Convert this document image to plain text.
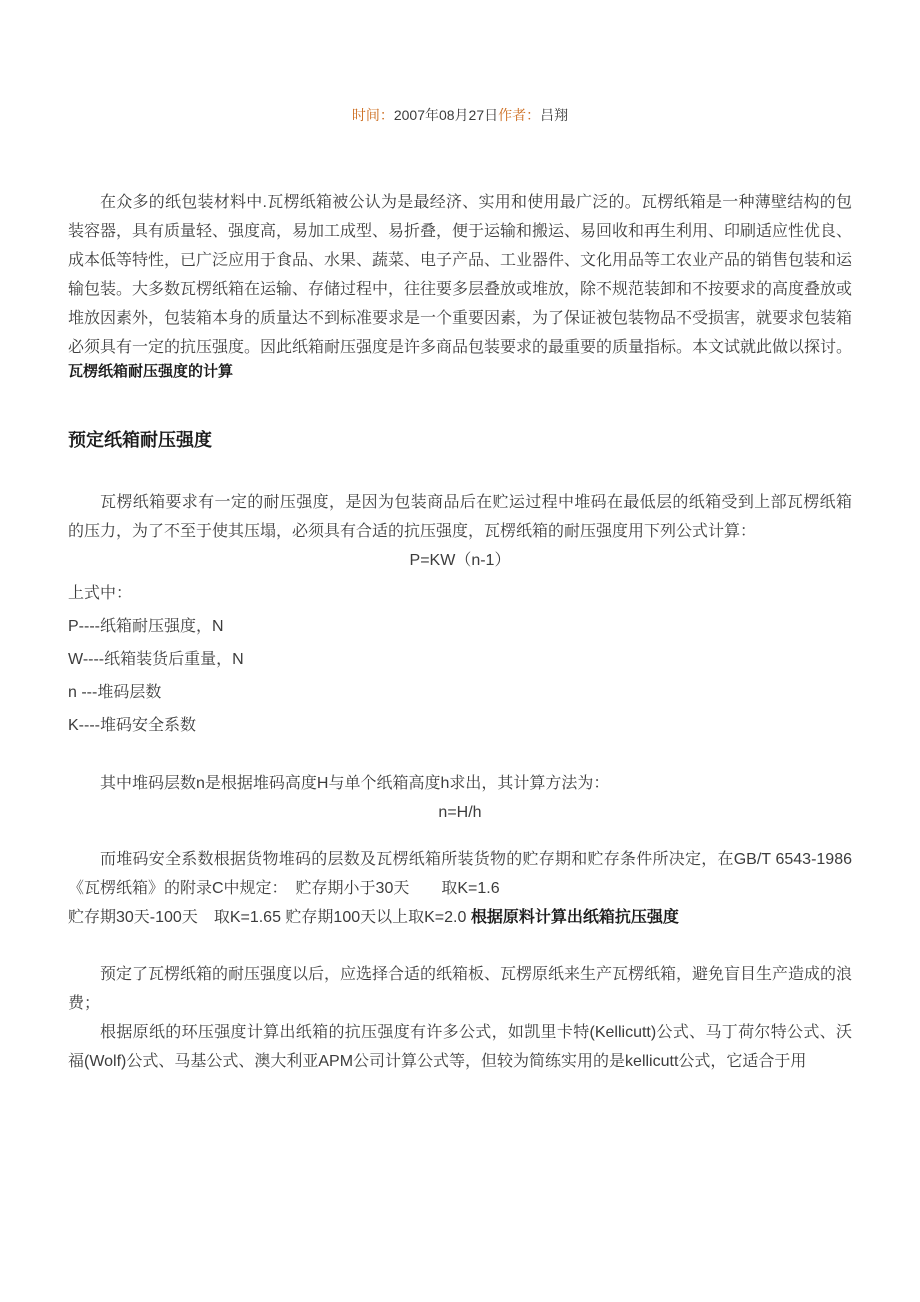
时间：2007年08月27日作者：吕翔

在众多的纸包装材料中.瓦楞纸箱被公认为是最经济、实用和使用最广泛的。瓦楞纸箱是一种薄壁结构的包装容器，具有质量轻、强度高，易加工成型、易折叠，便于运输和搬运、易回收和再生利用、印刷适应性优良、成本低等特性，已广泛应用于食品、水果、蔬菜、电子产品、工业器件、文化用品等工农业产品的销售包装和运输包装。大多数瓦楞纸箱在运输、存储过程中，往往要多层叠放或堆放，除不规范装卸和不按要求的高度叠放或堆放因素外，包装箱本身的质量达不到标准要求是一个重要因素，为了保证被包装物品不受损害，就要求包装箱必须具有一定的抗压强度。因此纸箱耐压强度是许多商品包装要求的最重要的质量指标。本文试就此做以探讨。

瓦楞纸箱耐压强度的计算
预定纸箱耐压强度

瓦楞纸箱要求有一定的耐压强度，是因为包装商品后在贮运过程中堆码在最低层的纸箱受到上部瓦楞纸箱 的压力，为了不至于使其压塌，必须具有合适的抗压强度，瓦楞纸箱的耐压强度用下列公式计算：

P=KW（n-1）

上式中：

P----纸箱耐压强度，N

W----纸箱装货后重量，N

n ---堆码层数

K----堆码安全系数

其中堆码层数n是根据堆码高度H与单个纸箱高度h求出，其计算方法为：

n=H/h

而堆码安全系数根据货物堆码的层数及瓦楞纸箱所装货物的贮存期和贮存条件所决定，在GB/T 6543-1986《瓦楞纸箱》的附录C中规定：　贮存期小于30天　　取K=1.6

贮存期30天-100天　取K=1.65 贮存期100天以上取K=2.0 根据原料计算出纸箱抗压强度

预定了瓦楞纸箱的耐压强度以后，应选择合适的纸箱板、瓦楞原纸来生产瓦楞纸箱，避免盲目生产造成的浪费；

根据原纸的环压强度计算出纸箱的抗压强度有许多公式，如凯里卡特(Kellicutt)公式、马丁荷尔特公式、沃福(Wolf)公式、马基公式、澳大利亚APM公司计算公式等，但较为简练实用的是kellicutt公式，它适合于用
